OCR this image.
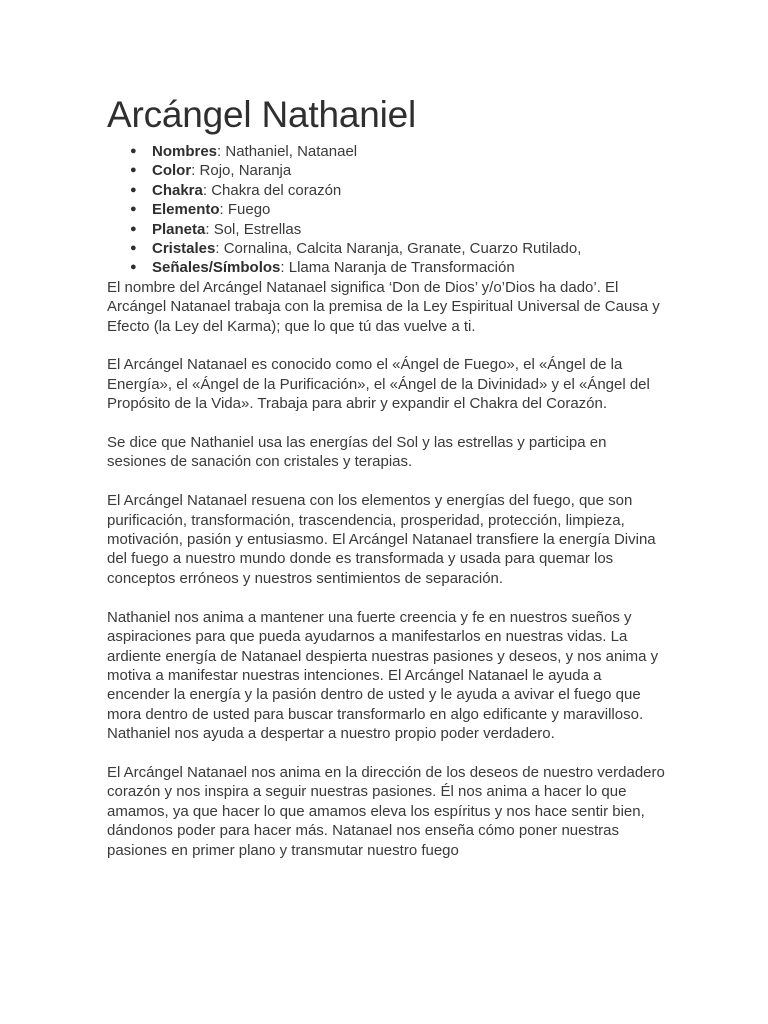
Arcángel Nathaniel
● Nombres: Nathaniel, Natanael
● Color: Rojo, Naranja
● Chakra: Chakra del corazón
● Elemento: Fuego
● Planeta: Sol, Estrellas
● Cristales: Cornalina, Calcita Naranja, Granate, Cuarzo Rutilado,
● Señales/Símbolos: Llama Naranja de Transformación

El nombre del Arcángel Natanael significa ‘Don de Dios’ y/o’Dios ha dado’. El Arcángel Natanael trabaja con la premisa de la Ley Espiritual Universal de Causa y Efecto (la Ley del Karma); que lo que tú das vuelve a ti.

El Arcángel Natanael es conocido como el «Ángel de Fuego», el «Ángel de la Energía», el «Ángel de la Purificación», el «Ángel de la Divinidad» y el «Ángel del Propósito de la Vida». Trabaja para abrir y expandir el Chakra del Corazón.

Se dice que Nathaniel usa las energías del Sol y las estrellas y participa en sesiones de sanación con cristales y terapias.

El Arcángel Natanael resuena con los elementos y energías del fuego, que son purificación, transformación, trascendencia, prosperidad, protección, limpieza, motivación, pasión y entusiasmo. El Arcángel Natanael transfiere la energía Divina del fuego a nuestro mundo donde es transformada y usada para quemar los conceptos erróneos y nuestros sentimientos de separación.

Nathaniel nos anima a mantener una fuerte creencia y fe en nuestros sueños y aspiraciones para que pueda ayudarnos a manifestarlos en nuestras vidas. La ardiente energía de Natanael despierta nuestras pasiones y deseos, y nos anima y motiva a manifestar nuestras intenciones. El Arcángel Natanael le ayuda a encender la energía y la pasión dentro de usted y le ayuda a avivar el fuego que mora dentro de usted para buscar transformarlo en algo edificante y maravilloso. Nathaniel nos ayuda a despertar a nuestro propio poder verdadero.

El Arcángel Natanael nos anima en la dirección de los deseos de nuestro verdadero corazón y nos inspira a seguir nuestras pasiones. Él nos anima a hacer lo que amamos, ya que hacer lo que amamos eleva los espíritus y nos hace sentir bien, dándonos poder para hacer más. Natanael nos enseña cómo poner nuestras pasiones en primer plano y transmutar nuestro fuego
